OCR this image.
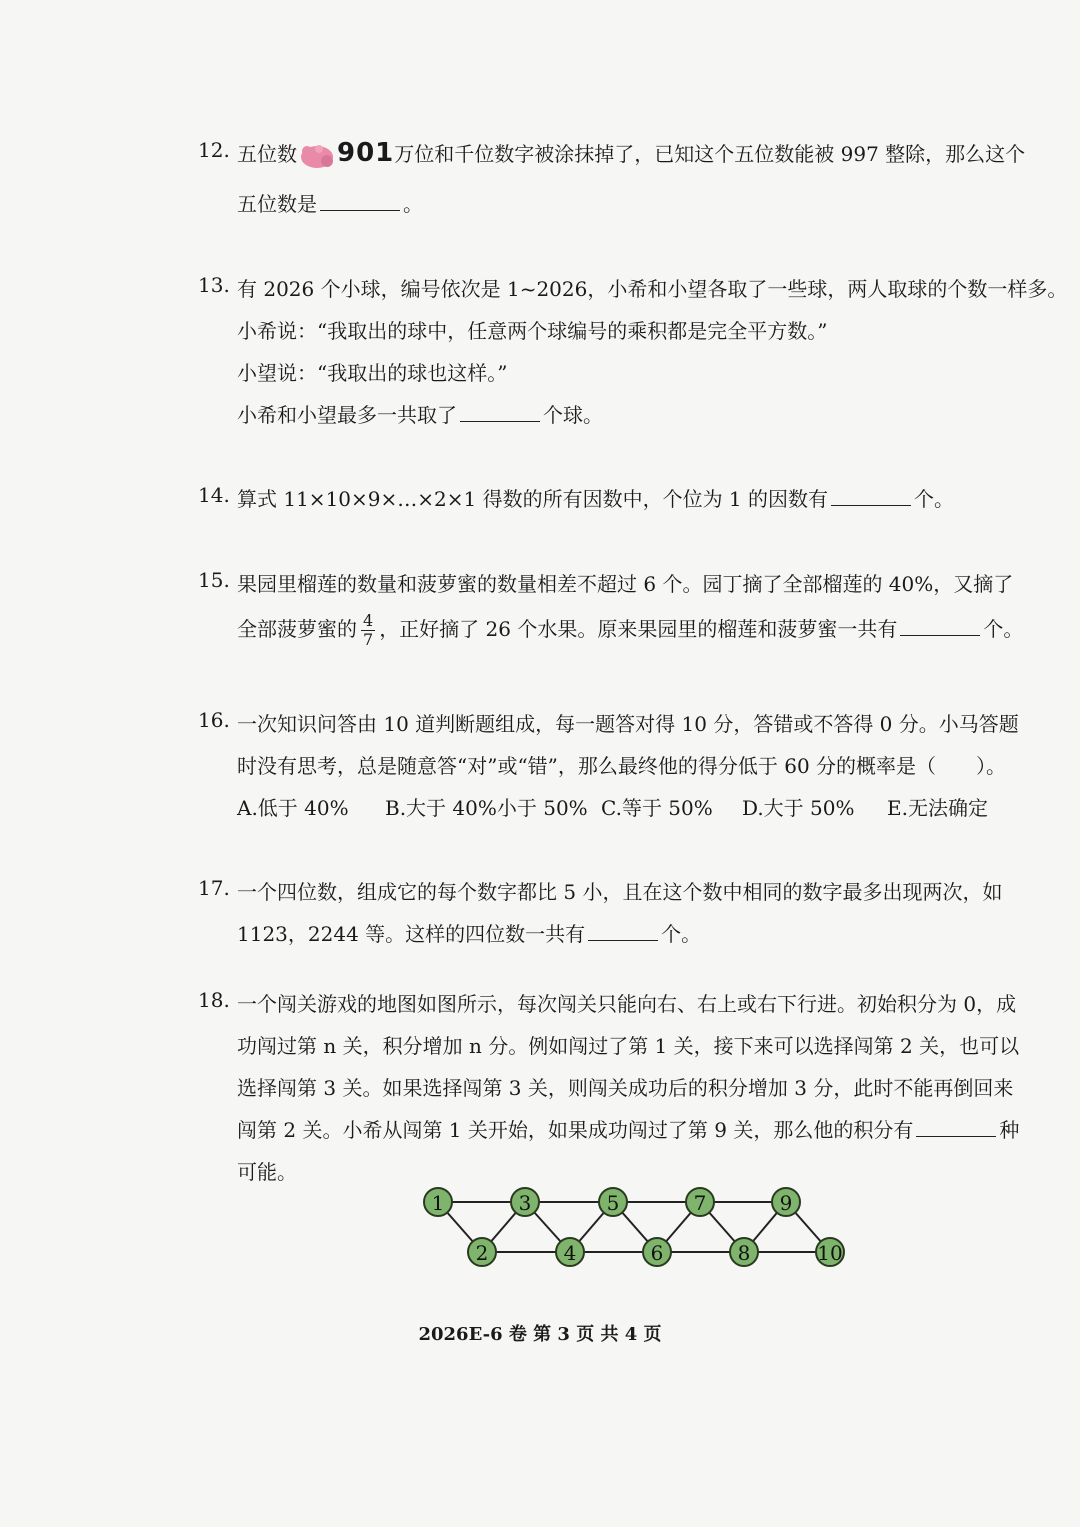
12. 五位数 901万位和千位数字被涂抹掉了，已知这个五位数能被 997 整除，那么这个
五位数是	。
13. 有 2026 个小球，编号依次是 1~2026，小希和小望各取了一些球，两人取球的个数一样多。
小希说：“我取出的球中，任意两个球编号的乘积都是完全平方数。”
小望说：“我取出的球也这样。”
小希和小望最多一共取了	个球。
14. 算式 11×10×9×…×2×1 得数的所有因数中，个位为 1 的因数有	个。
15. 果园里榴莲的数量和菠萝蜜的数量相差不超过 6 个。园丁摘了全部榴莲的 40%，又摘了
全部菠萝蜜的 $\frac{4}{7}$ ，正好摘了 26 个水果。原来果园里的榴莲和菠萝蜜一共有	个。
16. 一次知识问答由 10 道判断题组成，每一题答对得 10 分，答错或不答得 0 分。小马答题
时没有思考，总是随意答“对”或“错”，那么最终他的得分低于 60 分的概率是（　　）。
A.低于 40% B.大于 40%小于 50% C.等于 50% D.大于 50% E.无法确定
17. 一个四位数，组成它的每个数字都比 5 小，且在这个数中相同的数字最多出现两次，如
1123，2244 等。这样的四位数一共有	个。
18. 一个闯关游戏的地图如图所示，每次闯关只能向右、右上或右下行进。初始积分为 0，成
功闯过第 n 关，积分增加 n 分。例如闯过了第 1 关，接下来可以选择闯第 2 关，也可以
选择闯第 3 关。如果选择闯第 3 关，则闯关成功后的积分增加 3 分，此时不能再倒回来
闯第 2 关。小希从闯第 1 关开始，如果成功闯过了第 9 关，那么他的积分有	种
可能。
1
2
3
4
5
6
7
8
9
10
2026E-6 卷 第 3 页 共 4 页
